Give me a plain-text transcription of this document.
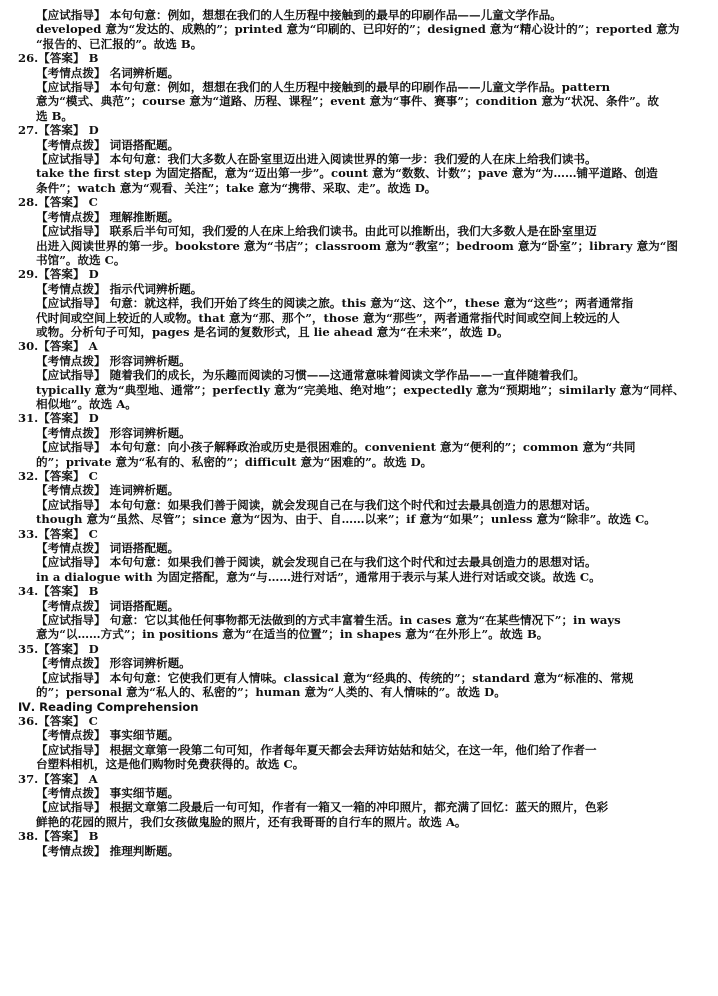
【应试指导】 本句句意：例如，想想在我们的人生历程中接触到的最早的印刷作品——儿童文学作品。
developed 意为“发达的、成熟的”；printed 意为“印刷的、已印好的”；designed 意为“精心设计的”；reported 意为
“报告的、已汇报的”。故选 B。
26.【答案】 B
【考情点拨】 名词辨析题。
【应试指导】 本句句意：例如，想想在我们的人生历程中接触到的最早的印刷作品——儿童文学作品。pattern
意为“模式、典范”；course 意为“道路、历程、课程”；event 意为“事件、赛事”；condition 意为“状况、条件”。故
选 B。
27.【答案】 D
【考情点拨】 词语搭配题。
【应试指导】 本句句意：我们大多数人在卧室里迈出进入阅读世界的第一步：我们爱的人在床上给我们读书。
take the first step 为固定搭配，意为“迈出第一步”。count 意为“数数、计数”；pave 意为“为……铺平道路、创造
条件”；watch 意为“观看、关注”；take 意为“携带、采取、走”。故选 D。
28.【答案】 C
【考情点拨】 理解推断题。
【应试指导】 联系后半句可知，我们爱的人在床上给我们读书。由此可以推断出，我们大多数人是在卧室里迈
出进入阅读世界的第一步。bookstore 意为“书店”；classroom 意为“教室”；bedroom 意为“卧室”；library 意为“图
书馆”。故选 C。
29.【答案】 D
【考情点拨】 指示代词辨析题。
【应试指导】 句意：就这样，我们开始了终生的阅读之旅。this 意为“这、这个”，these 意为“这些”；两者通常指
代时间或空间上较近的人或物。that 意为“那、那个”，those 意为“那些”，两者通常指代时间或空间上较远的人
或物。分析句子可知，pages 是名词的复数形式，且 lie ahead 意为“在未来”，故选 D。
30.【答案】 A
【考情点拨】 形容词辨析题。
【应试指导】 随着我们的成长，为乐趣而阅读的习惯——这通常意味着阅读文学作品——一直伴随着我们。
typically 意为“典型地、通常”；perfectly 意为“完美地、绝对地”；expectedly 意为“预期地”；similarly 意为“同样、
相似地”。故选 A。
31.【答案】 D
【考情点拨】 形容词辨析题。
【应试指导】 本句句意：向小孩子解释政治或历史是很困难的。convenient 意为“便利的”；common 意为“共同
的”；private 意为“私有的、私密的”；difficult 意为“困难的”。故选 D。
32.【答案】 C
【考情点拨】 连词辨析题。
【应试指导】 本句句意：如果我们善于阅读，就会发现自己在与我们这个时代和过去最具创造力的思想对话。
though 意为“虽然、尽管”；since 意为“因为、由于、自……以来”；if 意为“如果”；unless 意为“除非”。故选 C。
33.【答案】 C
【考情点拨】 词语搭配题。
【应试指导】 本句句意：如果我们善于阅读，就会发现自己在与我们这个时代和过去最具创造力的思想对话。
in a dialogue with 为固定搭配，意为“与……进行对话”，通常用于表示与某人进行对话或交谈。故选 C。
34.【答案】 B
【考情点拨】 词语搭配题。
【应试指导】 句意：它以其他任何事物都无法做到的方式丰富着生活。in cases 意为“在某些情况下”；in ways
意为“以……方式”；in positions 意为“在适当的位置”；in shapes 意为“在外形上”。故选 B。
35.【答案】 D
【考情点拨】 形容词辨析题。
【应试指导】 本句句意：它使我们更有人情味。classical 意为“经典的、传统的”；standard 意为“标准的、常规
的”；personal 意为“私人的、私密的”；human 意为“人类的、有人情味的”。故选 D。
Ⅳ. Reading Comprehension
36.【答案】 C
【考情点拨】 事实细节题。
【应试指导】 根据文章第一段第二句可知，作者每年夏天都会去拜访姑姑和姑父，在这一年，他们给了作者一
台塑料相机，这是他们购物时免费获得的。故选 C。
37.【答案】 A
【考情点拨】 事实细节题。
【应试指导】 根据文章第二段最后一句可知，作者有一箱又一箱的冲印照片，都充满了回忆：蓝天的照片，色彩
鲜艳的花园的照片，我们女孩做鬼脸的照片，还有我哥哥的自行车的照片。故选 A。
38.【答案】 B
【考情点拨】 推理判断题。
